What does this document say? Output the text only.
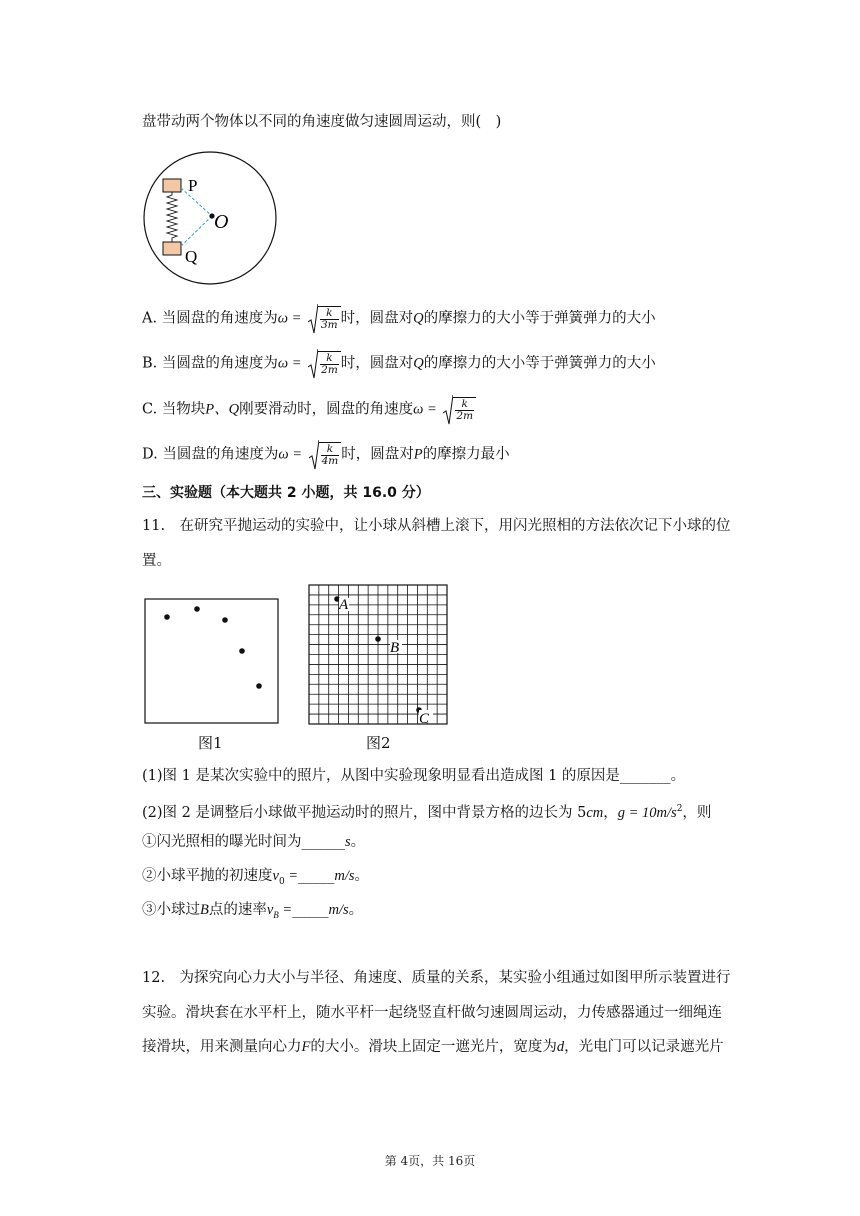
盘带动两个物体以不同的角速度做匀速圆周运动，则(　)
P
Q
O
A. 当圆盘的角速度为$\omega = \frac{k}{3m}$ 时，圆盘对Q的摩擦力的大小等于弹簧弹力的大小
B. 当圆盘的角速度为$\omega = \frac{k}{2m}$ 时，圆盘对Q的摩擦力的大小等于弹簧弹力的大小
C. 当物块P、Q刚要滑动时，圆盘的角速度$\omega = \frac{k}{2m}$
D. 当圆盘的角速度为$\omega = \frac{k}{4m}$ 时，圆盘对P的摩擦力最小
三、实验题（本大题共 2 小题，共 16.0 分）
11.　在研究平抛运动的实验中，让小球从斜槽上滚下，用闪光照相的方法依次记下小球的位
置。
图1
A
B
C
图2
(1)图 1 是某次实验中的照片，从图中实验现象明显看出造成图 1 的原因是_______。
(2)图 2 是调整后小球做平抛运动时的照片，图中背景方格的边长为 5cm，$g = 10m/s^2$，则
①闪光照相的曝光时间为______s。
②小球平抛的初速度$v_0$ =_____m/s。
③小球过B点的速率$v_B$ =_____m/s。
12.　为探究向心力大小与半径、角速度、质量的关系，某实验小组通过如图甲所示装置进行
实验。滑块套在水平杆上，随水平杆一起绕竖直杆做匀速圆周运动，力传感器通过一细绳连
接滑块，用来测量向心力F的大小。滑块上固定一遮光片，宽度为d，光电门可以记录遮光片
第 4页，共 16页
